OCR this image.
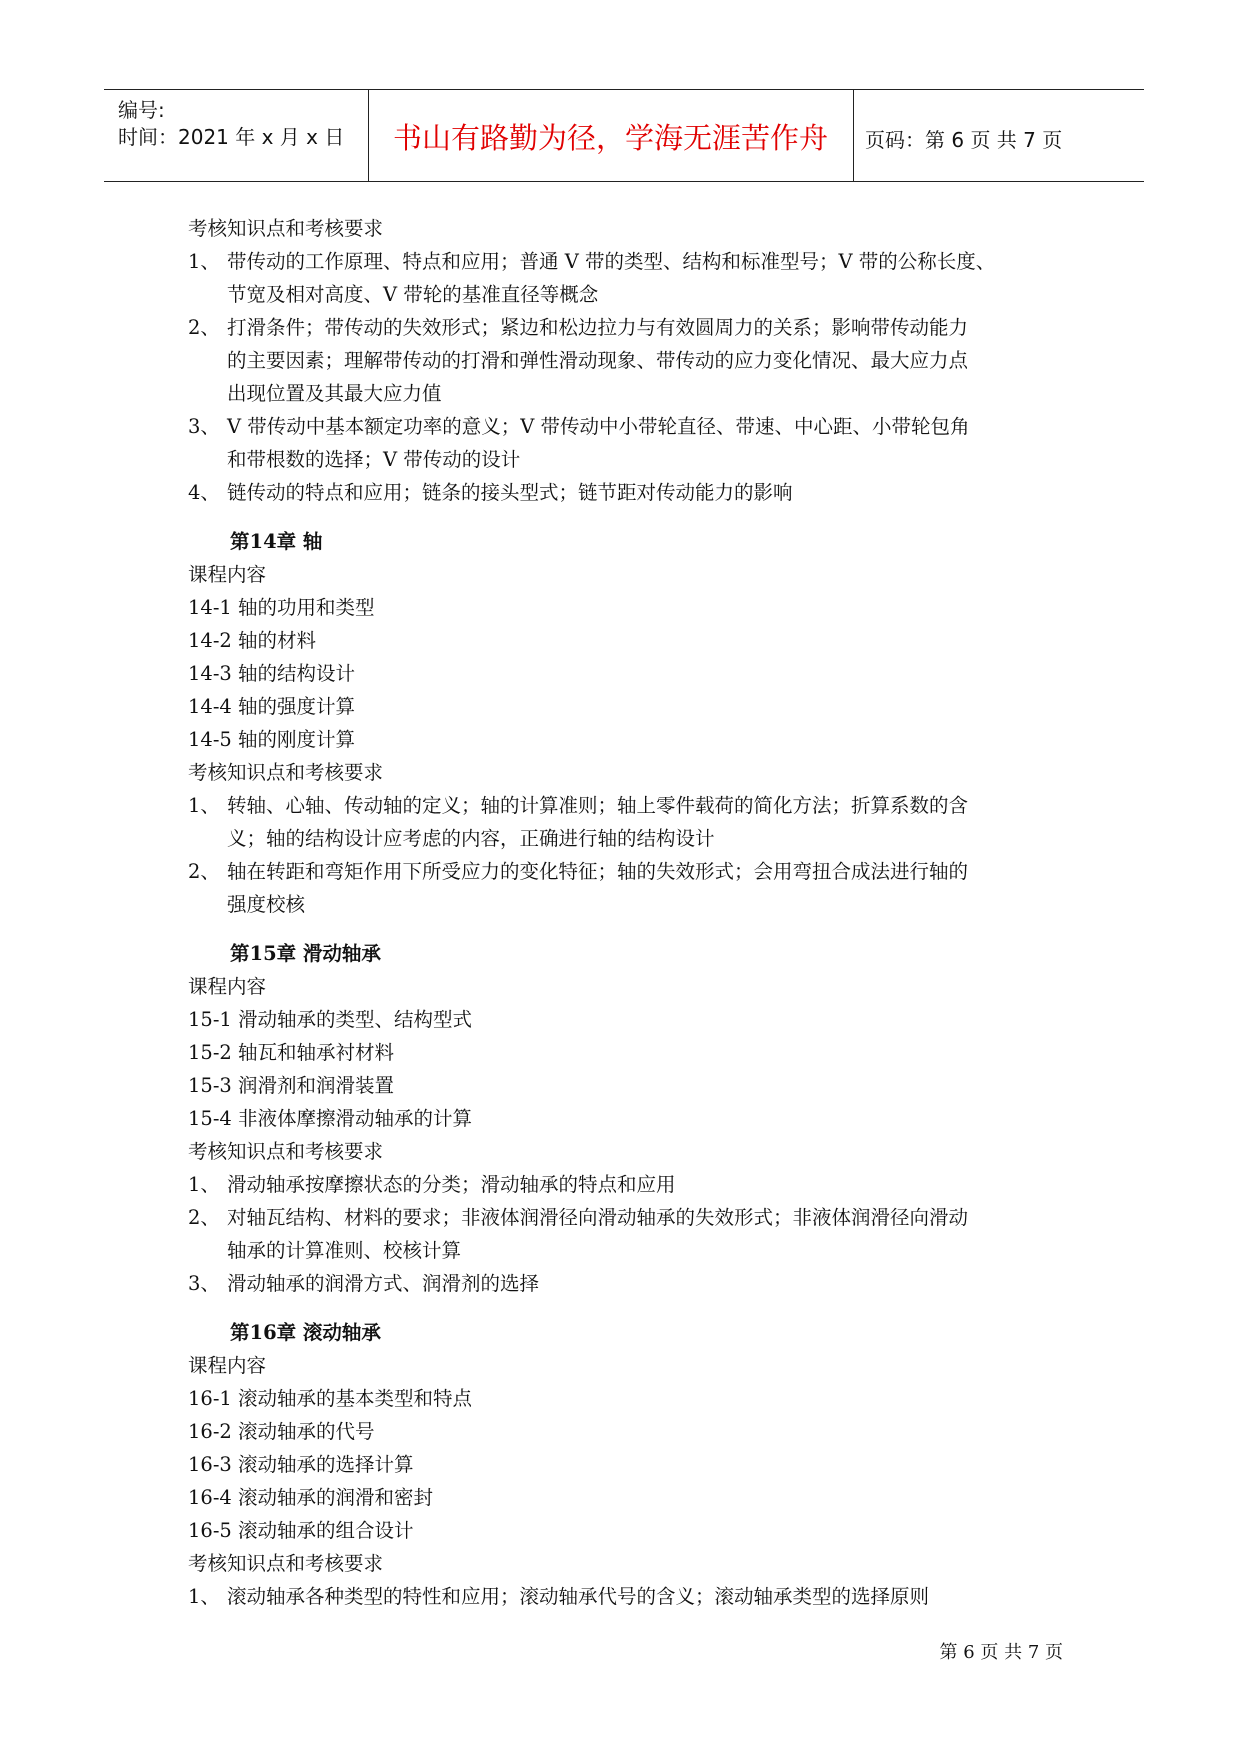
编号:
时间：2021 年 x 月 x 日	书山有路勤为径，学海无涯苦作舟	页码：第 6 页 共 7 页
考核知识点和考核要求
1、 带传动的工作原理、特点和应用；普通 V 带的类型、结构和标准型号；V 带的公称长度、
节宽及相对高度、V 带轮的基准直径等概念
2、 打滑条件；带传动的失效形式；紧边和松边拉力与有效圆周力的关系；影响带传动能力
的主要因素；理解带传动的打滑和弹性滑动现象、带传动的应力变化情况、最大应力点
出现位置及其最大应力值
3、 V 带传动中基本额定功率的意义；V 带传动中小带轮直径、带速、中心距、小带轮包角
和带根数的选择；V 带传动的设计
4、 链传动的特点和应用；链条的接头型式；链节距对传动能力的影响
第14章 轴
课程内容
14-1 轴的功用和类型
14-2 轴的材料
14-3 轴的结构设计
14-4 轴的强度计算
14-5 轴的刚度计算
考核知识点和考核要求
1、 转轴、心轴、传动轴的定义；轴的计算准则；轴上零件载荷的简化方法；折算系数的含
义；轴的结构设计应考虑的内容，正确进行轴的结构设计
2、 轴在转距和弯矩作用下所受应力的变化特征；轴的失效形式；会用弯扭合成法进行轴的
强度校核
第15章 滑动轴承
课程内容
15-1 滑动轴承的类型、结构型式
15-2 轴瓦和轴承衬材料
15-3 润滑剂和润滑装置
15-4 非液体摩擦滑动轴承的计算
考核知识点和考核要求
1、 滑动轴承按摩擦状态的分类；滑动轴承的特点和应用
2、 对轴瓦结构、材料的要求；非液体润滑径向滑动轴承的失效形式；非液体润滑径向滑动
轴承的计算准则、校核计算
3、 滑动轴承的润滑方式、润滑剂的选择
第16章 滚动轴承
课程内容
16-1 滚动轴承的基本类型和特点
16-2 滚动轴承的代号
16-3 滚动轴承的选择计算
16-4 滚动轴承的润滑和密封
16-5 滚动轴承的组合设计
考核知识点和考核要求
1、 滚动轴承各种类型的特性和应用；滚动轴承代号的含义；滚动轴承类型的选择原则
第 6 页 共 7 页
